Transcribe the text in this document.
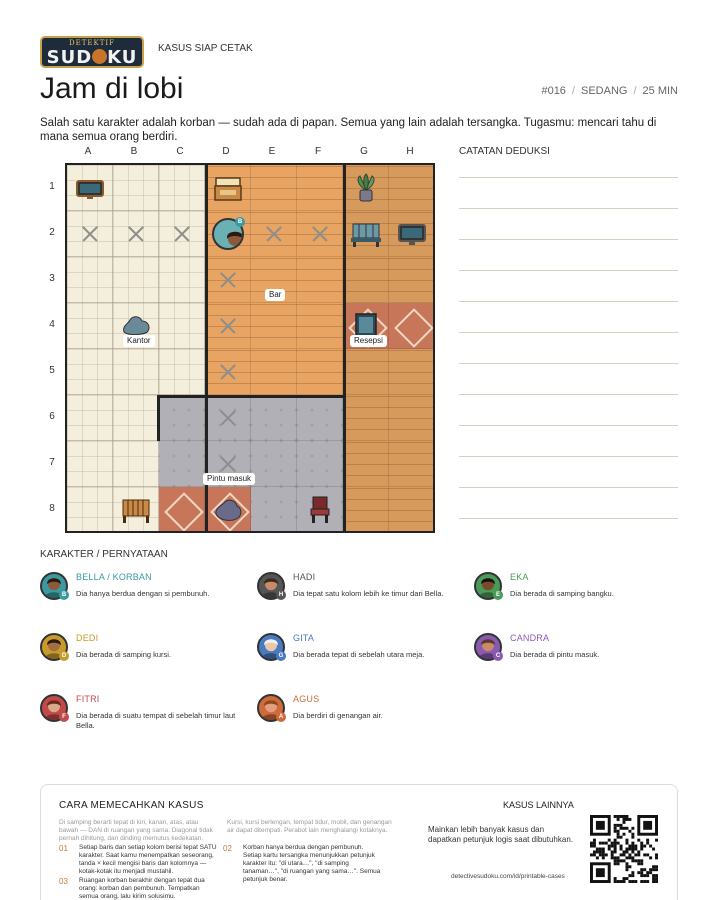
DETEKTIF
SUD KU	KASUS SIAP CETAK
Jam di lobi	#016 / SEDANG / 25 MIN
Salah satu karakter adalah korban — sudah ada di papan. Semua yang lain adalah tersangka. Tugasmu: mencari tahu di mana semua orang berdiri.
A	B	C	D	E	F	G	H
1
2
3
4
5
6
7
8
B
Bar
Kantor	Resepsi
Pintu masuk
CATATAN DEDUKSI
KARAKTER / PERNYATAAN
B
BELLA / KORBAN
Dia hanya berdua dengan si pembunuh.	H
HADI
Dia tepat satu kolom lebih ke timur dari Bella.	E
EKA
Dia berada di samping bangku.
D
DEDI
Dia berada di samping kursi.	G
GITA
Dia berada tepat di sebelah utara meja.	C
CANDRA
Dia berada di pintu masuk.
F
FITRI
Dia berada di suatu tempat di sebelah timur laut Bella.
A
AGUS
Dia berdiri di genangan air.
CARA MEMECAHKAN KASUS
Di samping berarti tepat di kiri, kanan, atas, atau bawah — DAN di ruangan yang sama. Diagonal tidak pernah dihitung, dan dinding memutus kedekatan.
Kursi, kursi berlengan, tempat tidur, mobil, dan genangan air dapat ditempati. Perabot lain menghalangi kotaknya.
01 Setiap baris dan setiap kolom berisi tepat SATU karakter. Saat kamu menempatkan seseorang, tanda × kecil mengisi baris dan kolomnya — kotak-kotak itu menjadi mustahil.
02 Korban hanya berdua dengan pembunuh. Setiap kartu tersangka menunjukkan petunjuk karakter itu: "di utara…", "di samping tanaman…", "di ruangan yang sama…". Semua petunjuk benar.
03 Ruangan korban berakhir dengan tepat dua orang: korban dan pembunuh. Tempatkan semua orang, lalu kirim solusimu.
KASUS LAINNYA
Mainkan lebih banyak kasus dan dapatkan petunjuk logis saat dibutuhkan.
detectivesudoku.com/id/printable-cases
